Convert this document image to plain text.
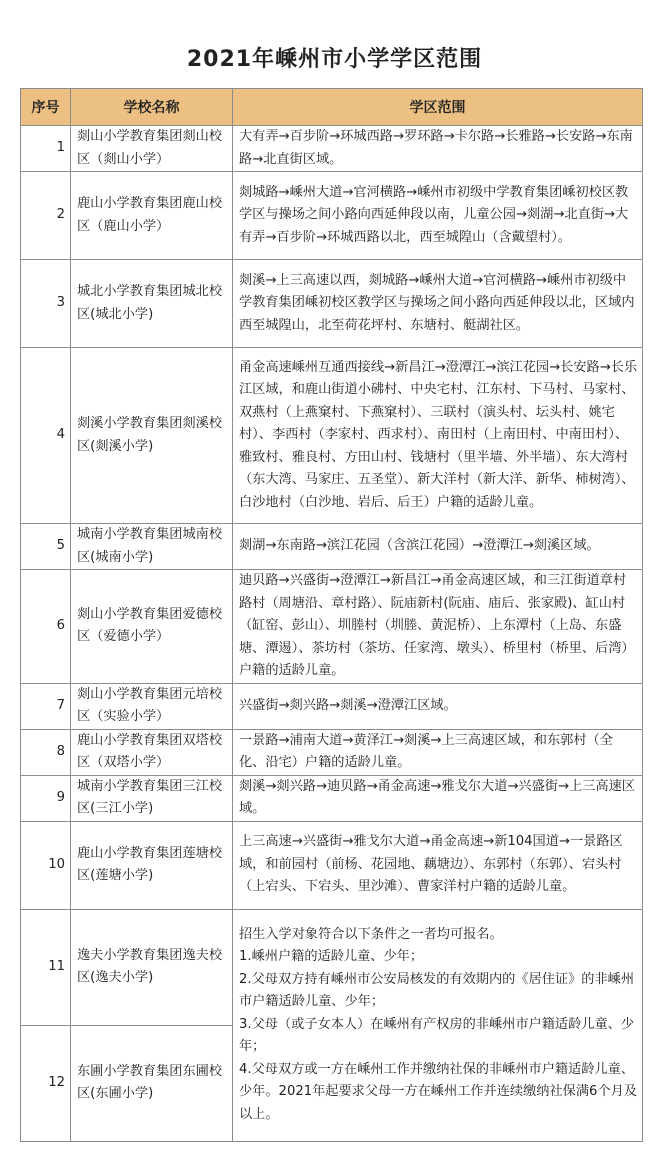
2021年嵊州市小学学区范围
序号	学校名称	学区范围
1	剡山小学教育集团剡山校区（剡山小学）	大有弄→百步阶→环城西路→罗环路→卡尔路→长雅路→长安路→东南路→北直街区域。
2	鹿山小学教育集团鹿山校区（鹿山小学）	剡城路→嵊州大道→官河横路→嵊州市初级中学教育集团嵊初校区教学区与操场之间小路向西延伸段以南，儿童公园→剡湖→北直街→大有弄→百步阶→环城西路以北，西至城隍山（含戴望村）。
3	城北小学教育集团城北校区(城北小学)	剡溪→上三高速以西，剡城路→嵊州大道→官河横路→嵊州市初级中学教育集团嵊初校区教学区与操场之间小路向西延伸段以北，区域内西至城隍山，北至荷花坪村、东塘村、艇湖社区。
4	剡溪小学教育集团剡溪校区(剡溪小学)	甬金高速嵊州互通西接线→新昌江→澄潭江→滨江花园→长安路→长乐江区域，和鹿山街道小砩村、中央宅村、江东村、下马村、马家村、双燕村（上燕窠村、下燕窠村）、三联村（演头村、坛头村、姚宅村）、李西村（李家村、西求村）、南田村（上南田村、中南田村）、雅致村、雅良村、方田山村、钱塘村（里半墙、外半墙）、东大湾村（东大湾、马家庄、五圣堂）、新大洋村（新大洋、新华、柿树湾）、白沙地村（白沙地、岩后、后王）户籍的适龄儿童。
5	城南小学教育集团城南校区(城南小学)	剡湖→东南路→滨江花园（含滨江花园）→澄潭江→剡溪区域。
6	剡山小学教育集团爱德校区（爱德小学）	迪贝路→兴盛街→澄潭江→新昌江→甬金高速区域，和三江街道章村路村（周塘沿、章村路）、阮庙新村(阮庙、庙后、张家殿)、缸山村（缸窑、彭山）、圳塍村（圳塍、黄泥桥）、上东潭村（上岛、东盛塘、潭逷）、茶坊村（茶坊、任家湾、墩头）、桥里村（桥里、后湾）户籍的适龄儿童。
7	剡山小学教育集团元培校区（实验小学）	兴盛街→剡兴路→剡溪→澄潭江区域。
8	鹿山小学教育集团双塔校区（双塔小学）	一景路→浦南大道→黄泽江→剡溪→上三高速区域，和东郭村（全化、沿宅）户籍的适龄儿童。
9	城南小学教育集团三江校区(三江小学)	剡溪→剡兴路→迪贝路→甬金高速→雅戈尔大道→兴盛街→上三高速区域。
10	鹿山小学教育集团莲塘校区(莲塘小学)	上三高速→兴盛街→雅戈尔大道→甬金高速→新104国道→一景路区域，和前园村（前杨、花园地、藕塘边）、东郭村（东郭）、宕头村（上宕头、下宕头、里沙滩）、曹家洋村户籍的适龄儿童。
11	逸夫小学教育集团逸夫校区(逸夫小学)	招生入学对象符合以下条件之一者均可报名。
1.嵊州户籍的适龄儿童、少年；
2.父母双方持有嵊州市公安局核发的有效期内的《居住证》的非嵊州市户籍适龄儿童、少年；
3.父母（或子女本人）在嵊州有产权房的非嵊州市户籍适龄儿童、少年；
4.父母双方或一方在嵊州工作并缴纳社保的非嵊州市户籍适龄儿童、少年。2021年起要求父母一方在嵊州工作并连续缴纳社保满6个月及以上。

12	东圃小学教育集团东圃校区(东圃小学)	
